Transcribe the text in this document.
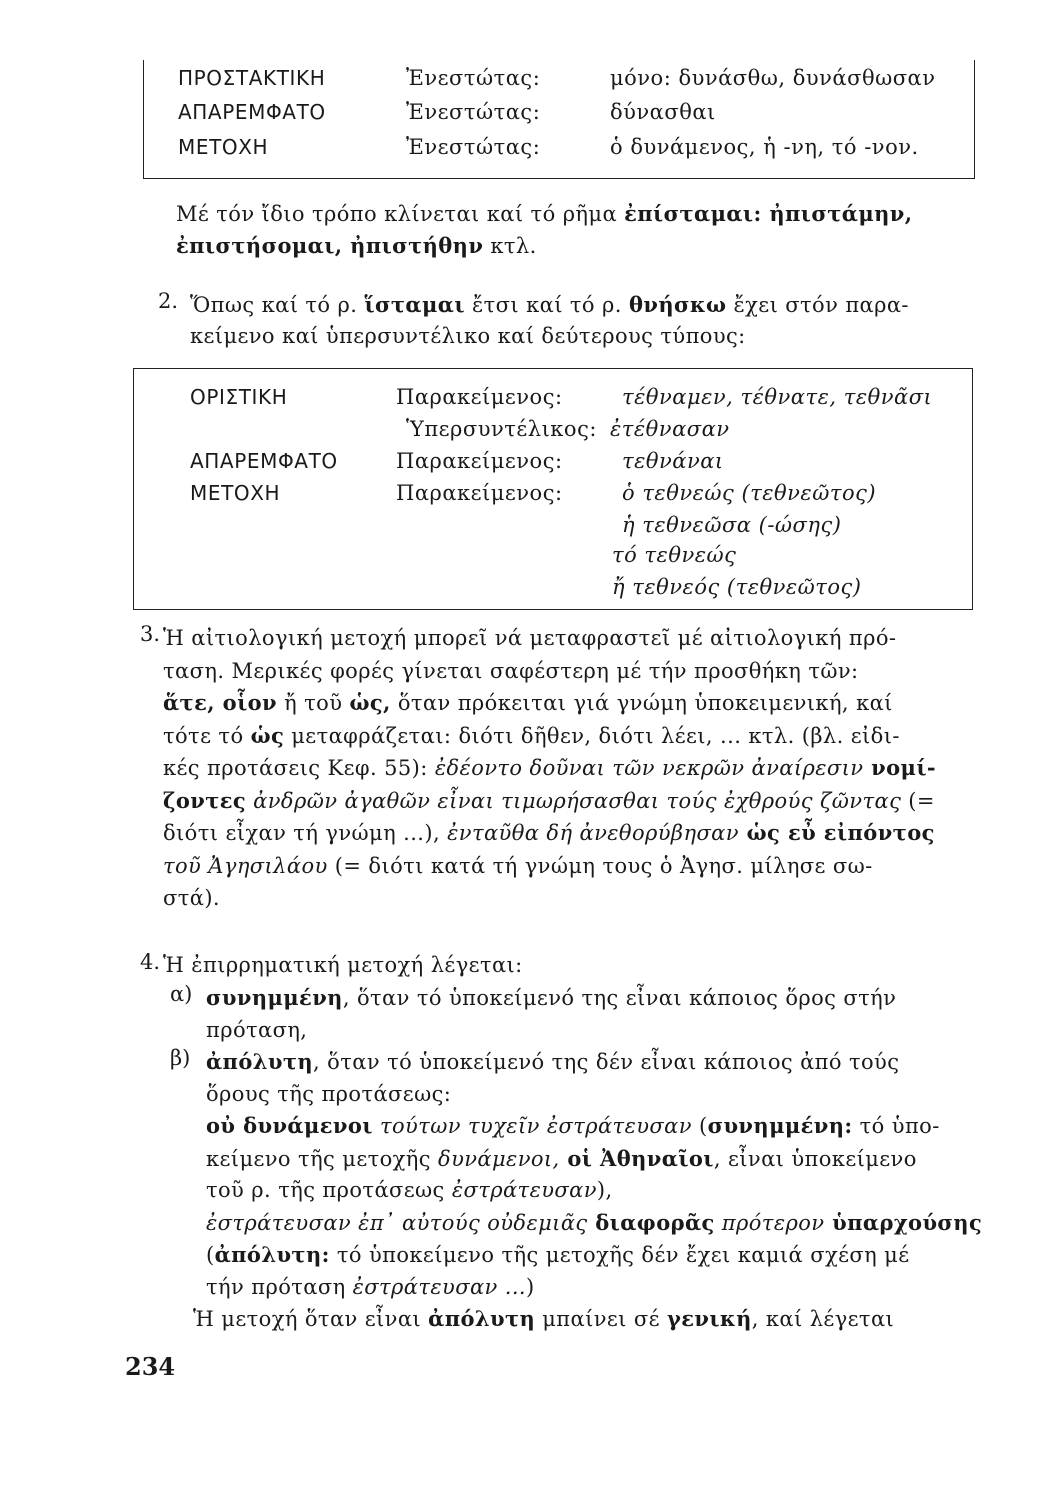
ΠΡΟΣΤΑΚΤΙΚΗ	Ἐνεστώτας:	μόνο: δυνάσθω, δυνάσθωσαν
ΑΠΑΡΕΜΦΑΤΟ	Ἐνεστώτας:	δύνασθαι
ΜΕΤΟΧΗ	Ἐνεστώτας:	ὁ δυνάμενος, ἡ -νη, τό -νον.

Μέ τόν ἴδιο τρόπο κλίνεται καί τό ρῆμα ἐπίσταμαι: ἠπιστάμην,

ἐπιστήσομαι, ἠπιστήθην κτλ.

2. Ὅπως καί τό ρ. ἵσταμαι ἔτσι καί τό ρ. θνήσκω ἔχει στόν παρα-

κείμενο καί ὑπερσυντέλικο καί δεύτερους τύπους:

ΟΡΙΣΤΙΚΗ	Παρακείμενος:	τέθναμεν, τέθνατε, τεθνᾶσι
Ὑπερσυντέλικος: ἐτέθνασαν
ΑΠΑΡΕΜΦΑΤΟ	Παρακείμενος:	τεθνάναι
ΜΕΤΟΧΗ	Παρακείμενος:	ὁ τεθνεώς (τεθνεῶτος)
ἡ τεθνεῶσα (-ώσης)
τό τεθνεώς
ἤ τεθνεός (τεθνεῶτος)
3. Ἡ αἰτιολογική μετοχή μπορεῖ νά μεταφραστεῖ μέ αἰτιολογική πρό-

ταση. Μερικές φορές γίνεται σαφέστερη μέ τήν προσθήκη τῶν:

ἅτε, οἷον ἤ τοῦ ὡς, ὅταν πρόκειται γιά γνώμη ὑποκειμενική, καί

τότε τό ὡς μεταφράζεται: διότι δῆθεν, διότι λέει, ... κτλ. (βλ. εἰδι-

κές προτάσεις Κεφ. 55): ἐδέοντο δοῦναι τῶν νεκρῶν ἀναίρεσιν νομί-

ζοντες ἀνδρῶν ἀγαθῶν εἶναι τιμωρήσασθαι τούς ἐχθρούς ζῶντας (=

διότι εἶχαν τή γνώμη ...), ἐνταῦθα δή ἀνεθορύβησαν ὡς εὖ εἰπόντος

τοῦ Ἀγησιλάου (= διότι κατά τή γνώμη τους ὁ Ἀγησ. μίλησε σω-

στά).

4. Ἡ ἐπιρρηματική μετοχή λέγεται:

α) συνημμένη, ὅταν τό ὑποκείμενό της εἶναι κάποιος ὅρος στήν

πρόταση,

β) ἀπόλυτη, ὅταν τό ὑποκείμενό της δέν εἶναι κάποιος ἀπό τούς

ὅρους τῆς προτάσεως:

οὐ δυνάμενοι τούτων τυχεῖν ἐστράτευσαν (συνημμένη: τό ὑπο-

κείμενο τῆς μετοχῆς δυνάμενοι, οἱ Ἀθηναῖοι, εἶναι ὑποκείμενο

τοῦ ρ. τῆς προτάσεως ἐστράτευσαν),

ἐστράτευσαν ἐπ᾽ αὐτούς οὐδεμιᾶς διαφορᾶς πρότερον ὑπαρχούσης

(ἀπόλυτη: τό ὑποκείμενο τῆς μετοχῆς δέν ἔχει καμιά σχέση μέ

τήν πρόταση ἐστράτευσαν ...)

Ἡ μετοχή ὅταν εἶναι ἀπόλυτη μπαίνει σέ γενική, καί λέγεται

234
